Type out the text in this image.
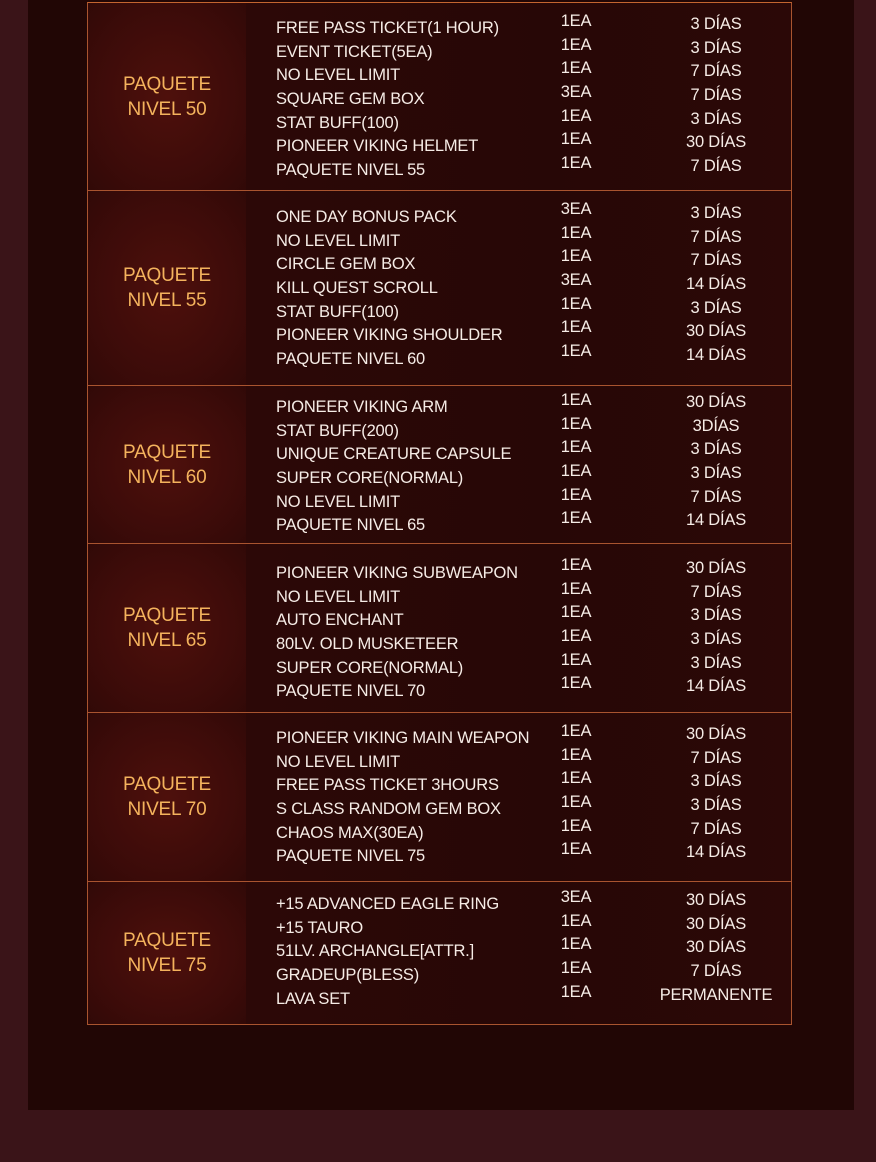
PAQUETE
NIVEL 50
FREE PASS TICKET(1 HOUR)
EVENT TICKET(5EA)
NO LEVEL LIMIT
SQUARE GEM BOX
STAT BUFF(100)
PIONEER VIKING HELMET
PAQUETE NIVEL 55
1EA
1EA
1EA
3EA
1EA
1EA
1EA
3 DÍAS
3 DÍAS
7 DÍAS
7 DÍAS
3 DÍAS
30 DÍAS
7 DÍAS
PAQUETE
NIVEL 55
ONE DAY BONUS PACK
NO LEVEL LIMIT
CIRCLE GEM BOX
KILL QUEST SCROLL
STAT BUFF(100)
PIONEER VIKING SHOULDER
PAQUETE NIVEL 60
3EA
1EA
1EA
3EA
1EA
1EA
1EA
3 DÍAS
7 DÍAS
7 DÍAS
14 DÍAS
3 DÍAS
30 DÍAS
14 DÍAS
PAQUETE
NIVEL 60
PIONEER VIKING ARM
STAT BUFF(200)
UNIQUE CREATURE CAPSULE
SUPER CORE(NORMAL)
NO LEVEL LIMIT
PAQUETE NIVEL 65
1EA
1EA
1EA
1EA
1EA
1EA
30 DÍAS
3DÍAS
3 DÍAS
3 DÍAS
7 DÍAS
14 DÍAS
PAQUETE
NIVEL 65
PIONEER VIKING SUBWEAPON
NO LEVEL LIMIT
AUTO ENCHANT
80LV. OLD MUSKETEER
SUPER CORE(NORMAL)
PAQUETE NIVEL 70
1EA
1EA
1EA
1EA
1EA
1EA
30 DÍAS
7 DÍAS
3 DÍAS
3 DÍAS
3 DÍAS
14 DÍAS
PAQUETE
NIVEL 70
PIONEER VIKING MAIN WEAPON
NO LEVEL LIMIT
FREE PASS TICKET 3HOURS
S CLASS RANDOM GEM BOX
CHAOS MAX(30EA)
PAQUETE NIVEL 75
1EA
1EA
1EA
1EA
1EA
1EA
30 DÍAS
7 DÍAS
3 DÍAS
3 DÍAS
7 DÍAS
14 DÍAS
PAQUETE
NIVEL 75
+15 ADVANCED EAGLE RING
+15 TAURO
51LV. ARCHANGLE[ATTR.]
GRADEUP(BLESS)
LAVA SET
3EA
1EA
1EA
1EA
1EA
30 DÍAS
30 DÍAS
30 DÍAS
7 DÍAS
PERMANENTE
